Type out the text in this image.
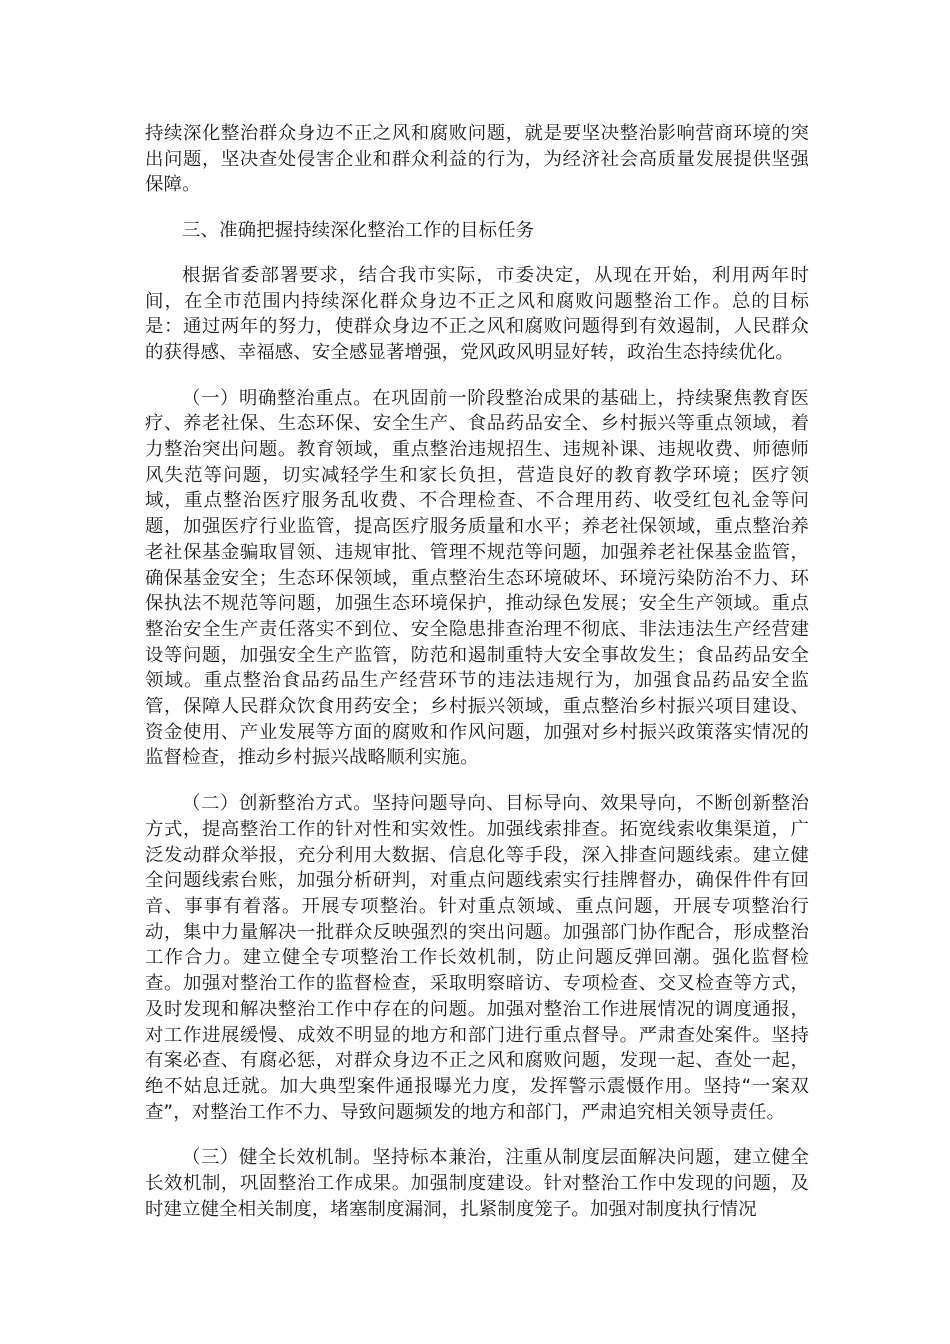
持续深化整治群众身边不正之风和腐败问题，就是要坚决整治影响营商环境的突出问题，坚决查处侵害企业和群众利益的行为，为经济社会高质量发展提供坚强保障。

三、准确把握持续深化整治工作的目标任务

根据省委部署要求，结合我市实际，市委决定，从现在开始，利用两年时间，在全市范围内持续深化群众身边不正之风和腐败问题整治工作。总的目标是：通过两年的努力，使群众身边不正之风和腐败问题得到有效遏制，人民群众的获得感、幸福感、安全感显著增强，党风政风明显好转，政治生态持续优化。

（一）明确整治重点。在巩固前一阶段整治成果的基础上，持续聚焦教育医疗、养老社保、生态环保、安全生产、食品药品安全、乡村振兴等重点领域，着力整治突出问题。教育领域，重点整治违规招生、违规补课、违规收费、师德师风失范等问题，切实减轻学生和家长负担，营造良好的教育教学环境；医疗领域，重点整治医疗服务乱收费、不合理检查、不合理用药、收受红包礼金等问题，加强医疗行业监管，提高医疗服务质量和水平；养老社保领域，重点整治养老社保基金骗取冒领、违规审批、管理不规范等问题，加强养老社保基金监管，确保基金安全；生态环保领域，重点整治生态环境破坏、环境污染防治不力、环保执法不规范等问题，加强生态环境保护，推动绿色发展；安全生产领域。重点整治安全生产责任落实不到位、安全隐患排查治理不彻底、非法违法生产经营建设等问题，加强安全生产监管，防范和遏制重特大安全事故发生；食品药品安全领域。重点整治食品药品生产经营环节的违法违规行为，加强食品药品安全监管，保障人民群众饮食用药安全；乡村振兴领域，重点整治乡村振兴项目建设、资金使用、产业发展等方面的腐败和作风问题，加强对乡村振兴政策落实情况的监督检查，推动乡村振兴战略顺利实施。

（二）创新整治方式。坚持问题导向、目标导向、效果导向，不断创新整治方式，提高整治工作的针对性和实效性。加强线索排查。拓宽线索收集渠道，广泛发动群众举报，充分利用大数据、信息化等手段，深入排查问题线索。建立健全问题线索台账，加强分析研判，对重点问题线索实行挂牌督办，确保件件有回音、事事有着落。开展专项整治。针对重点领域、重点问题，开展专项整治行动，集中力量解决一批群众反映强烈的突出问题。加强部门协作配合，形成整治工作合力。建立健全专项整治工作长效机制，防止问题反弹回潮。强化监督检查。加强对整治工作的监督检查，采取明察暗访、专项检查、交叉检查等方式，及时发现和解决整治工作中存在的问题。加强对整治工作进展情况的调度通报，对工作进展缓慢、成效不明显的地方和部门进行重点督导。严肃查处案件。坚持有案必查、有腐必惩，对群众身边不正之风和腐败问题，发现一起、查处一起，绝不姑息迁就。加大典型案件通报曝光力度，发挥警示震慑作用。坚持“一案双查”，对整治工作不力、导致问题频发的地方和部门，严肃追究相关领导责任。

（三）健全长效机制。坚持标本兼治，注重从制度层面解决问题，建立健全长效机制，巩固整治工作成果。加强制度建设。针对整治工作中发现的问题，及时建立健全相关制度，堵塞制度漏洞，扎紧制度笼子。加强对制度执行情况
